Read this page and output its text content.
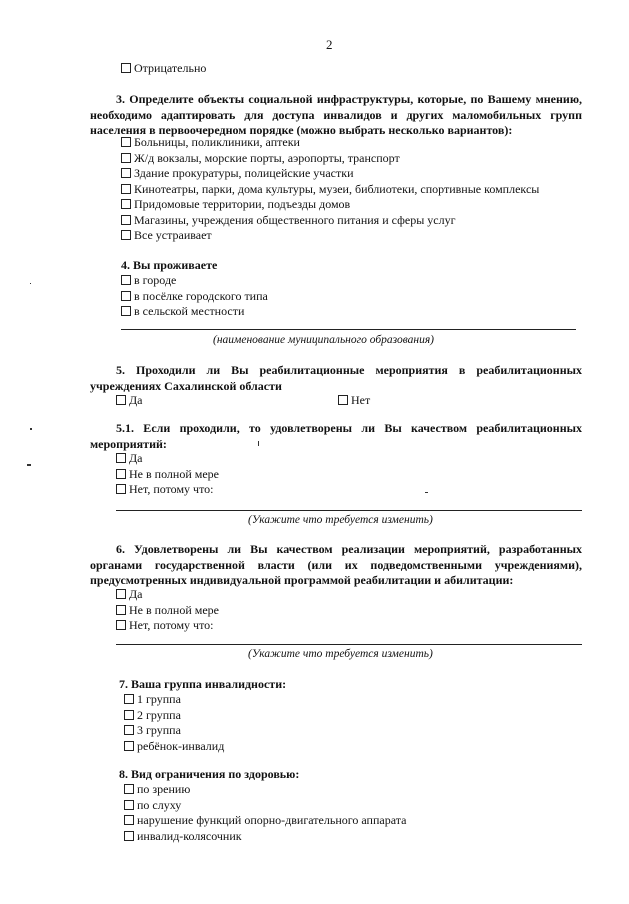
2
Отрицательно
3. Определите объекты социальной инфраструктуры, которые, по Вашему мнению, необходимо адаптировать для доступа инвалидов и других маломобильных групп населения в первоочередном порядке (можно выбрать несколько вариантов):
Больницы, поликлиники, аптеки
Ж/д вокзалы, морские порты, аэропорты, транспорт
Здание прокуратуры, полицейские участки
Кинотеатры, парки, дома культуры, музеи, библиотеки, спортивные комплексы
Придомовые территории, подъезды домов
Магазины, учреждения общественного питания и сферы услуг
Все устраивает
4. Вы проживаете
в городе
в посёлке городского типа
в сельской местности
(наименование муниципального образования)
5. Проходили ли Вы реабилитационные мероприятия в реабилитационных учреждениях Сахалинской области
Да	Нет
5.1. Если проходили, то удовлетворены ли Вы качеством реабилитационных мероприятий:
Да
Не в полной мере
Нет, потому что:
(Укажите что требуется изменить)
6. Удовлетворены ли Вы качеством реализации мероприятий, разработанных органами государственной власти (или их подведомственными учреждениями), предусмотренных индивидуальной программой реабилитации и абилитации:
Да
Не в полной мере
Нет, потому что:
(Укажите что требуется изменить)
7. Ваша группа инвалидности:
1 группа
2 группа
3 группа
ребёнок-инвалид
8. Вид ограничения по здоровью:
по зрению
по слуху
нарушение функций опорно-двигательного аппарата
инвалид-колясочник
